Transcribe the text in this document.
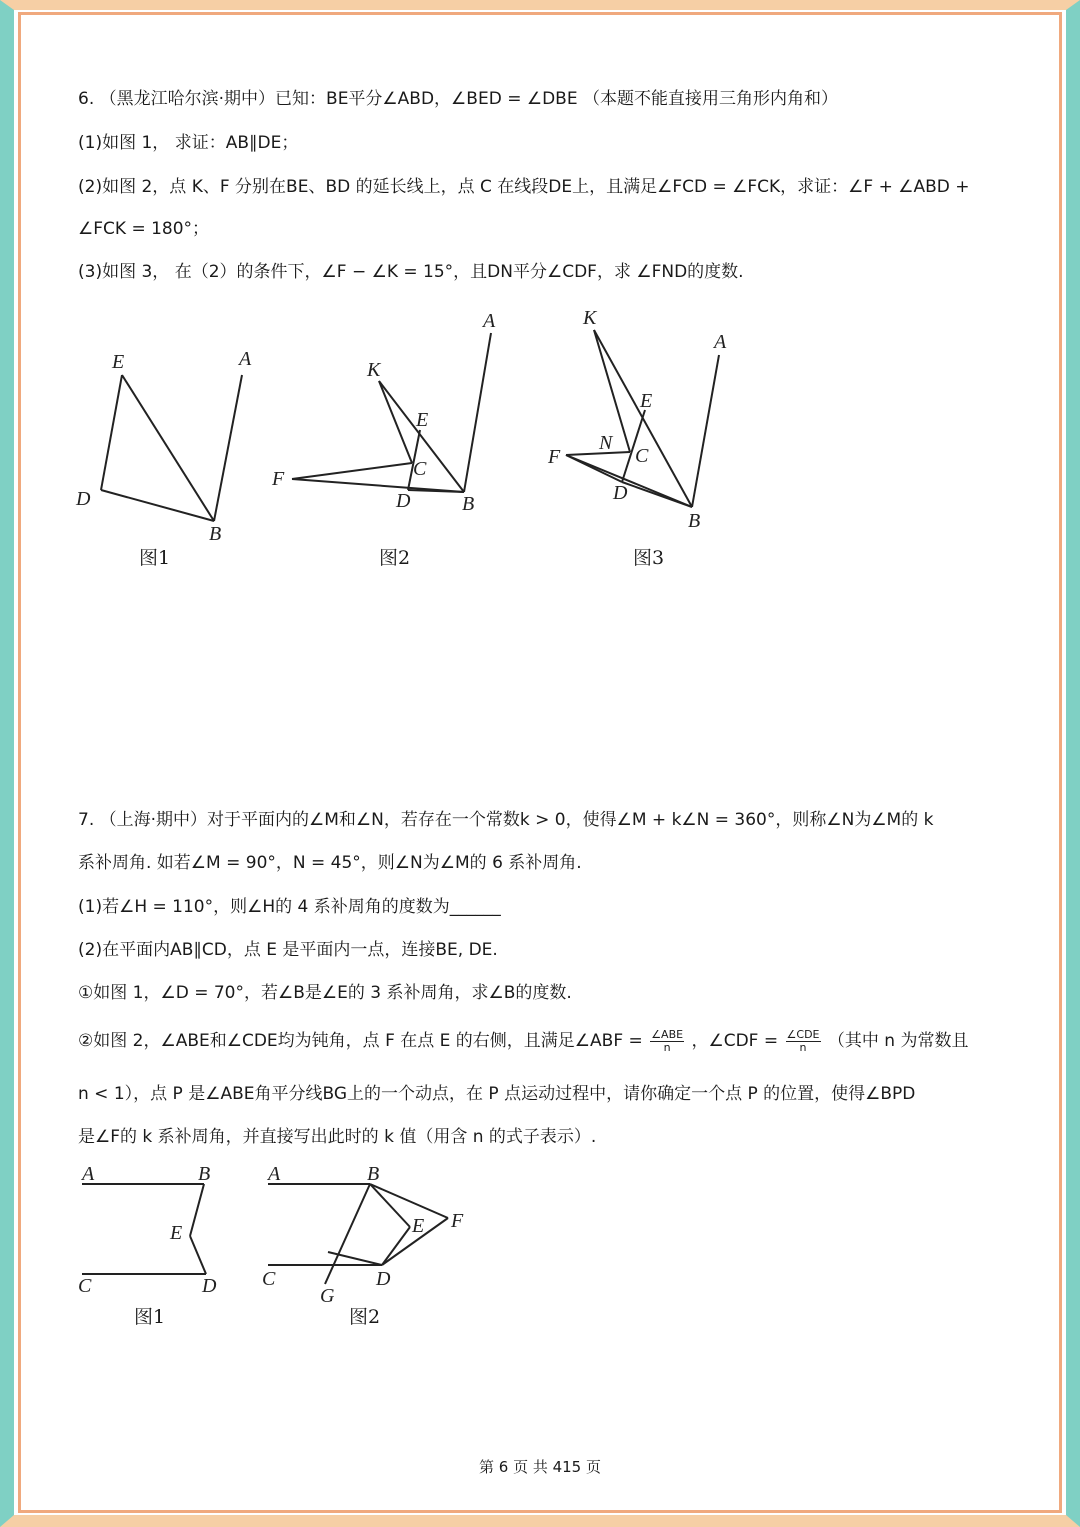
6. （黑龙江哈尔滨·期中）已知：BE平分∠ABD，∠BED = ∠DBE （本题不能直接用三角形内角和）
(1)如图 1， 求证：AB∥DE；
(2)如图 2，点 K、F 分别在BE、BD 的延长线上，点 C 在线段DE上，且满足∠FCD = ∠FCK，求证：∠F + ∠ABD +
∠FCK = 180°；
(3)如图 3， 在（2）的条件下，∠F − ∠K = 15°，且DN平分∠CDF，求 ∠FND的度数.
E	A
D
B
图1
A
K
E
C
F
D	B
图2
K
A
E
N
C
F
D
B
图3
7. （上海·期中）对于平面内的∠M和∠N，若存在一个常数k > 0，使得∠M + k∠N = 360°，则称∠N为∠M的 k
系补周角. 如若∠M = 90°，N = 45°，则∠N为∠M的 6 系补周角.
(1)若∠H = 110°，则∠H的 4 系补周角的度数为______
(2)在平面内AB∥CD，点 E 是平面内一点，连接BE, DE.
①如图 1，∠D = 70°，若∠B是∠E的 3 系补周角，求∠B的度数.
②如图 2，∠ABE和∠CDE均为钝角，点 F 在点 E 的右侧，且满足∠ABF = $\frac{\text{∠ABE}}{n}$ ，∠CDF = $\frac{\text{∠CDE}}{n}$ （其中 n 为常数且
n < 1），点 P 是∠ABE角平分线BG上的一个动点，在 P 点运动过程中，请你确定一个点 P 的位置，使得∠BPD
是∠F的 k 系补周角，并直接写出此时的 k 值（用含 n 的式子表示）.
A	B
E
C	D
图1
A	B
E F
C	D
G
图2
第 6 页 共 415 页
